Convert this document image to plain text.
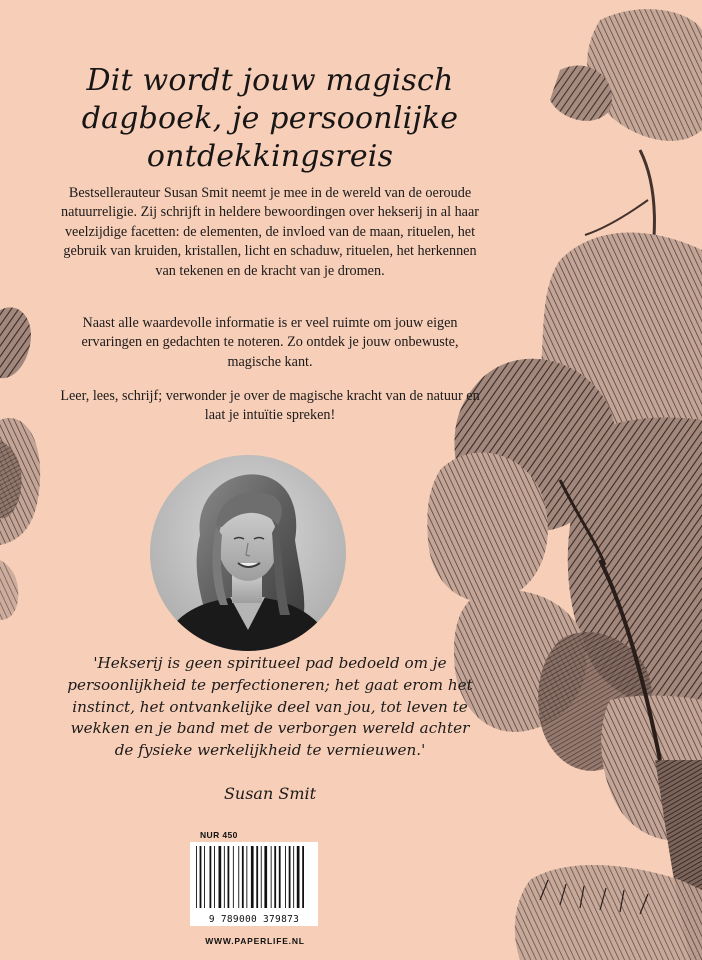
Dit wordt jouw magisch dagboek, je persoonlijke ontdekkingsreis

Bestsellerauteur Susan Smit neemt je mee in de wereld van de oeroude natuurreligie. Zij schrijft in heldere bewoordingen over hekserij in al haar veelzijdige facetten: de elementen, de invloed van de maan, rituelen, het gebruik van kruiden, kristallen, licht en schaduw, rituelen, het herkennen van tekenen en de kracht van je dromen.

Naast alle waardevolle informatie is er veel ruimte om jouw eigen ervaringen en gedachten te noteren. Zo ontdek je jouw onbewuste, magische kant.

Leer, lees, schrijf; verwonder je over de magische kracht van de natuur en laat je intuïtie spreken!

'Hekserij is geen spiritueel pad bedoeld om je persoonlijkheid te perfectioneren; het gaat erom het instinct, het ontvankelijke deel van jou, tot leven te wekken en je band met de verborgen wereld achter de fysieke werkelijkheid te vernieuwen.'

Susan Smit

NUR 450
9 789000 379873
WWW.PAPERLIFE.NL
